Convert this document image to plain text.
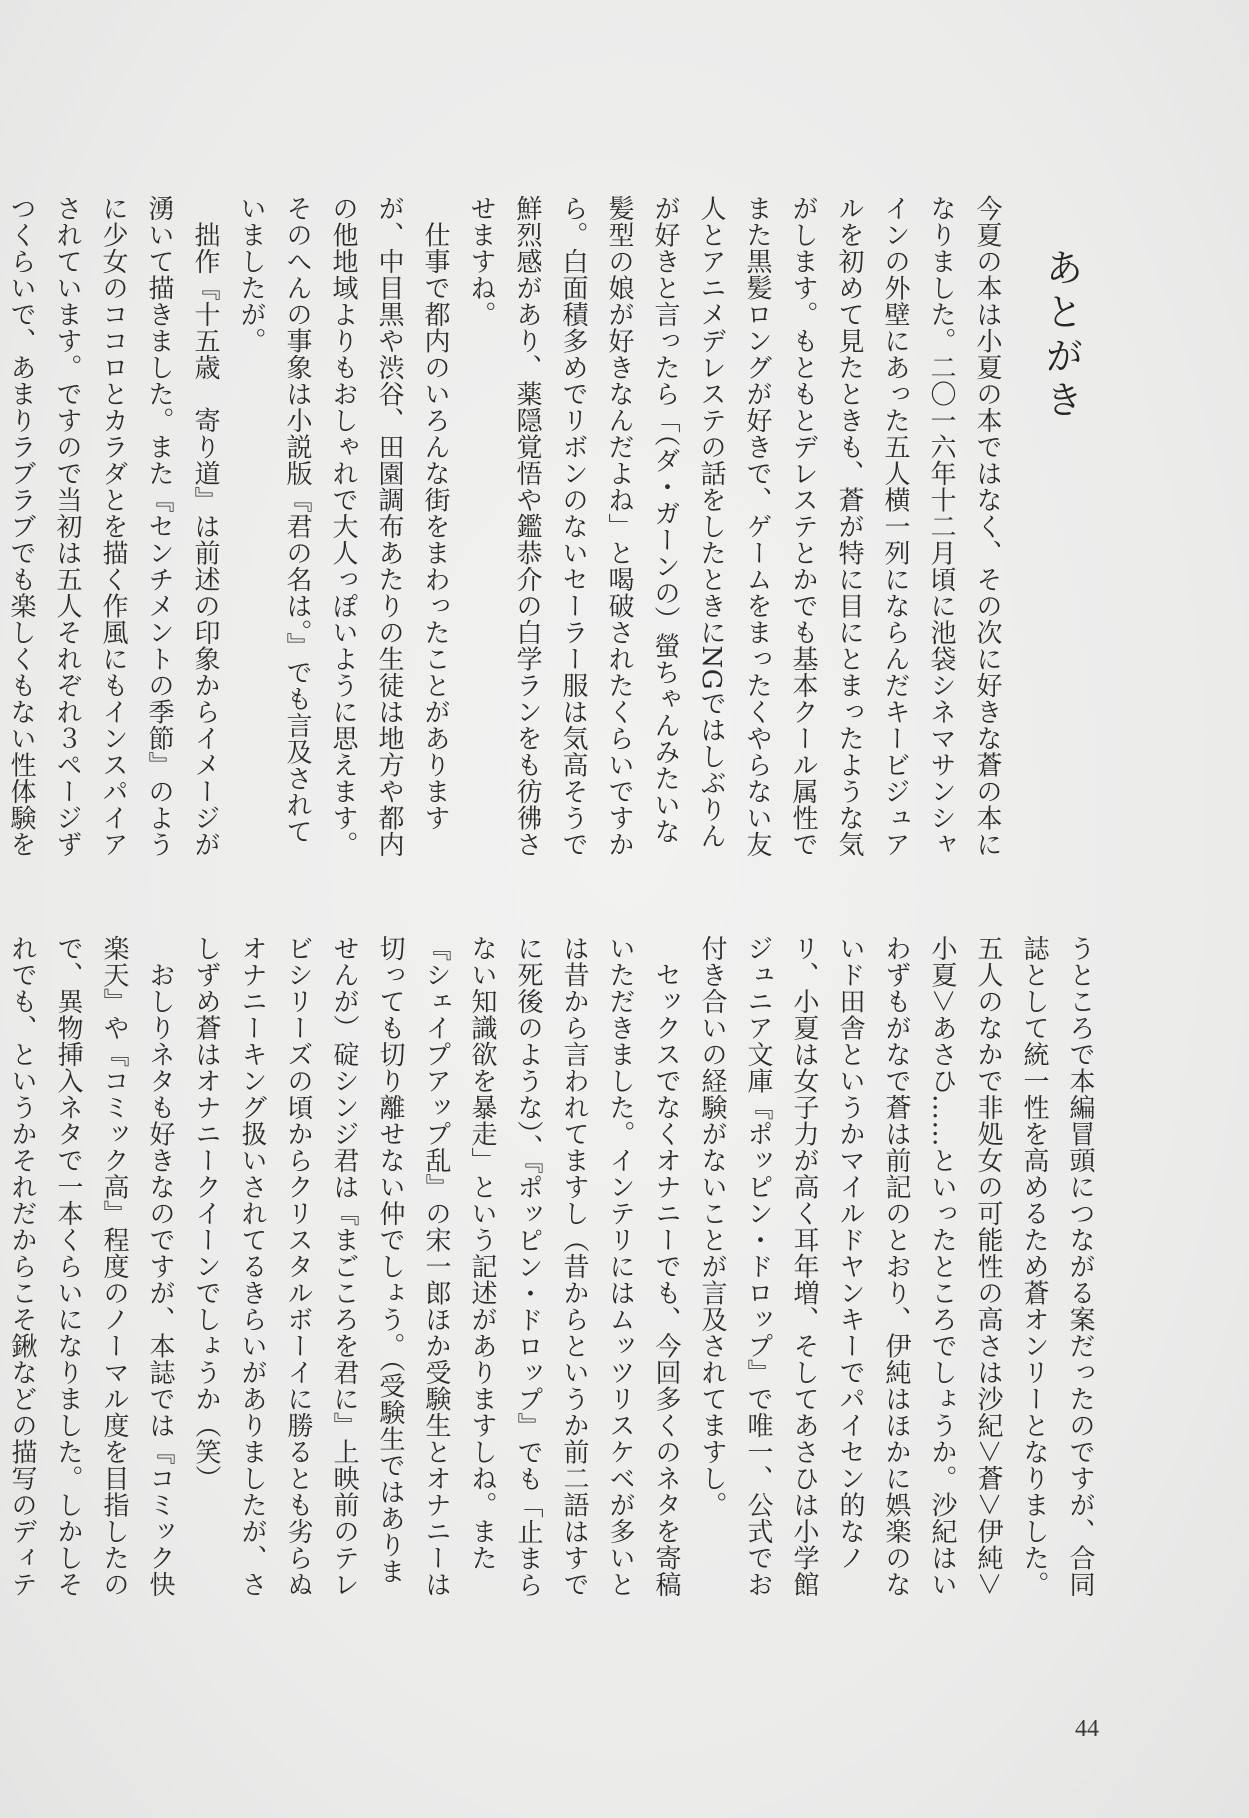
あとがき
今夏の本は小夏の本ではなく、その次に好きな蒼の本になりました。二〇一六年十二月頃に池袋シネマサンシャインの外壁にあった五人横一列にならんだキービジュアルを初めて見たときも、蒼が特に目にとまったような気がします。もともとデレステとかでも基本クール属性でまた黒髪ロングが好きで、ゲームをまったくやらない友人とアニメデレステの話をしたときにNGではしぶりんが好きと言ったら「（ダ・ガーンの）螢ちゃんみたいな髪型の娘が好きなんだよね」と喝破されたくらいですから。白面積多めでリボンのないセーラー服は気高そうで鮮烈感があり、薬隠覚悟や鑑恭介の白学ランをも彷彿させますね。
　仕事で都内のいろんな街をまわったことがありますが、中目黒や渋谷、田園調布あたりの生徒は地方や都内の他地域よりもおしゃれで大人っぽいように思えます。そのへんの事象は小説版『君の名は。』でも言及されていましたが。
　拙作『十五歳　寄り道』は前述の印象からイメージが湧いて描きました。また『センチメントの季節』のように少女のココロとカラダとを描く作風にもインスパイアされています。ですので当初は五人それぞれ３ページずつくらいで、あまりラブラブでも楽しくもない性体験を
うところで本編冒頭につながる案だったのですが、合同誌として統一性を高めるため蒼オンリーとなりました。五人のなかで非処女の可能性の高さは沙紀＞蒼＞伊純＞小夏＞あさひ……といったところでしょうか。沙紀はいわずもがなで蒼は前記のとおり、伊純はほかに娯楽のないド田舎というかマイルドヤンキーでパイセン的なノリ、小夏は女子力が高く耳年増、そしてあさひは小学館ジュニア文庫『ポッピン・ドロップ』で唯一、公式でお付き合いの経験がないことが言及されてますし。
　セックスでなくオナニーでも、今回多くのネタを寄稿いただきました。インテリにはムッツリスケベが多いとは昔から言われてますし（昔からというか前二語はすでに死後のような）、『ポッピン・ドロップ』でも「止まらない知識欲を暴走」という記述がありますしね。また『シェイプアップ乱』の宋一郎ほか受験生とオナニーは切っても切り離せない仲でしょう。（受験生ではありませんが）碇シンジ君は『まごころを君に』上映前のテレビシリーズの頃からクリスタルボーイに勝るとも劣らぬオナニーキング扱いされてるきらいがありましたが、さしずめ蒼はオナニークイーンでしょうか（笑）
　おしりネタも好きなのですが、本誌では『コミック快楽天』や『コミック高』程度のノーマル度を目指したので、異物挿入ネタで一本くらいになりました。しかしそれでも、というかそれだからこそ鍬などの描写のディテ
44
